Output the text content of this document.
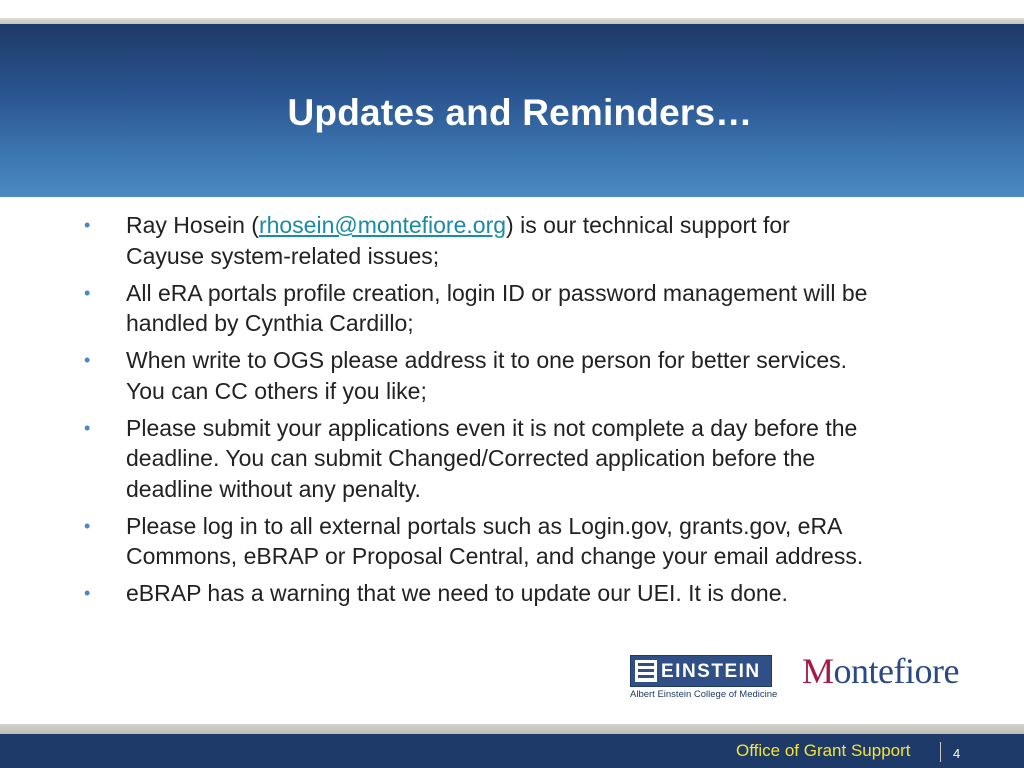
Updates and Reminders…
• Ray Hosein (rhosein@montefiore.org) is our technical support for
Cayuse system-related issues;
• All eRA portals profile creation, login ID or password management will be
handled by Cynthia Cardillo;
• When write to OGS please address it to one person for better services.
You can CC others if you like;
• Please submit your applications even it is not complete a day before the
deadline. You can submit Changed/Corrected application before the
deadline without any penalty.
• Please log in to all external portals such as Login.gov, grants.gov, eRA
Commons, eBRAP or Proposal Central, and change your email address.
• eBRAP has a warning that we need to update our UEI. It is done.
EINSTEIN
Albert Einstein College of Medicine
Montefiore
Office of Grant Support	4
